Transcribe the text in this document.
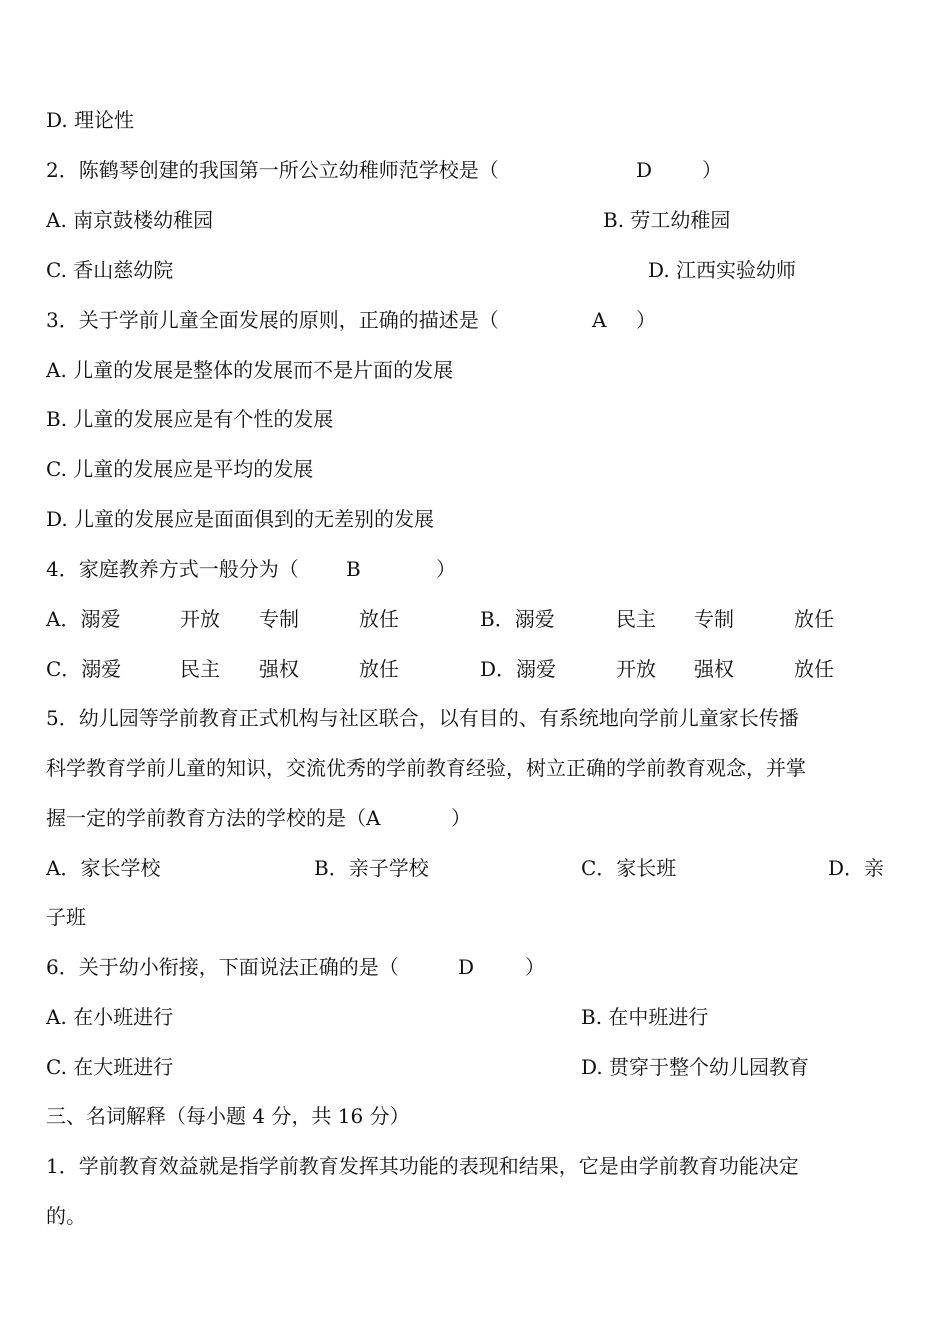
D. 理论性
2．陈鹤琴创建的我国第一所公立幼稚师范学校是（	D ）
A. 南京鼓楼幼稚园	B. 劳工幼稚园
C. 香山慈幼院	D. 江西实验幼师
3．关于学前儿童全面发展的原则，正确的描述是（	A ）
A. 儿童的发展是整体的发展而不是片面的发展
B. 儿童的发展应是有个性的发展
C. 儿童的发展应是平均的发展
D. 儿童的发展应是面面俱到的无差别的发展
4．家庭教养方式一般分为（ B	）
A．溺爱	开放 专制	放任	B．溺爱	民主 专制	放任
C．溺爱	民主 强权	放任	D．溺爱	开放 强权	放任
5．幼儿园等学前教育正式机构与社区联合，以有目的、有系统地向学前儿童家长传播
科学教育学前儿童的知识，交流优秀的学前教育经验，树立正确的学前教育观念，并掌
握一定的学前教育方法的学校的是（A	）
A．家长学校	B．亲子学校	C．家长班	D．亲
子班
6．关于幼小衔接，下面说法正确的是（	D	）
A. 在小班进行	B. 在中班进行
C. 在大班进行	D. 贯穿于整个幼儿园教育
三、名词解释（每小题 4 分，共 16 分）
1．学前教育效益就是指学前教育发挥其功能的表现和结果，它是由学前教育功能决定
的。
